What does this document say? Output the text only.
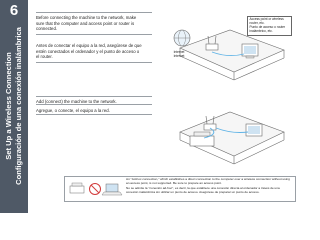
6
Set Up a Wireless Connection Configuración de una conexión inalámbrica
Before connecting the machine to the network, make sure that the computer and access point or router is connected.
Antes de conectar el equipo a la red, asegúrese de que estén conectados el ordenador y el punto de acceso o el router.
Add (connect) the machine to the network.
Agregue, o conecte, el equipo a la red.
Internet
Internet
Access point or wireless router, etc.
Punto de acceso o router inalámbrico, etc.
An "Ad-hoc connection," which establishes a direct connection to the computer over a wireless connection without using an access point, is not supported. Be sure to prepare an access point.
No se admite la "conexión ad-hoc", es decir, la que establece una conexión directa al ordenador a través de una conexión inalámbrica sin utilizar un punto de acceso. Asegúrese de preparar un punto de acceso.
